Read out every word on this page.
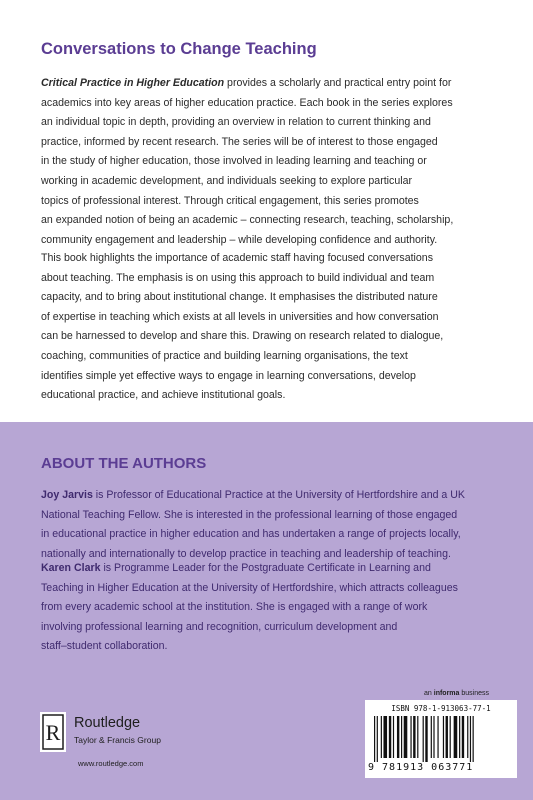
Conversations to Change Teaching
Critical Practice in Higher Education provides a scholarly and practical entry point for
academics into key areas of higher education practice. Each book in the series explores
an individual topic in depth, providing an overview in relation to current thinking and
practice, informed by recent research. The series will be of interest to those engaged
in the study of higher education, those involved in leading learning and teaching or
working in academic development, and individuals seeking to explore particular
topics of professional interest. Through critical engagement, this series promotes
an expanded notion of being an academic – connecting research, teaching, scholarship,
community engagement and leadership – while developing confidence and authority.
This book highlights the importance of academic staff having focused conversations
about teaching. The emphasis is on using this approach to build individual and team
capacity, and to bring about institutional change. It emphasises the distributed nature
of expertise in teaching which exists at all levels in universities and how conversation
can be harnessed to develop and share this. Drawing on research related to dialogue,
coaching, communities of practice and building learning organisations, the text
identifies simple yet effective ways to engage in learning conversations, develop
educational practice, and achieve institutional goals.
ABOUT THE AUTHORS
Joy Jarvis is Professor of Educational Practice at the University of Hertfordshire and a UK
National Teaching Fellow. She is interested in the professional learning of those engaged
in educational practice in higher education and has undertaken a range of projects locally,
nationally and internationally to develop practice in teaching and leadership of teaching.
Karen Clark is Programme Leader for the Postgraduate Certificate in Learning and
Teaching in Higher Education at the University of Hertfordshire, which attracts colleagues
from every academic school at the institution. She is engaged with a range of work
involving professional learning and recognition, curriculum development and
staff–student collaboration.
R Routledge
Taylor & Francis Group
www.routledge.com
an informa business
ISBN 978-1-913063-77-1
9 781913 063771
